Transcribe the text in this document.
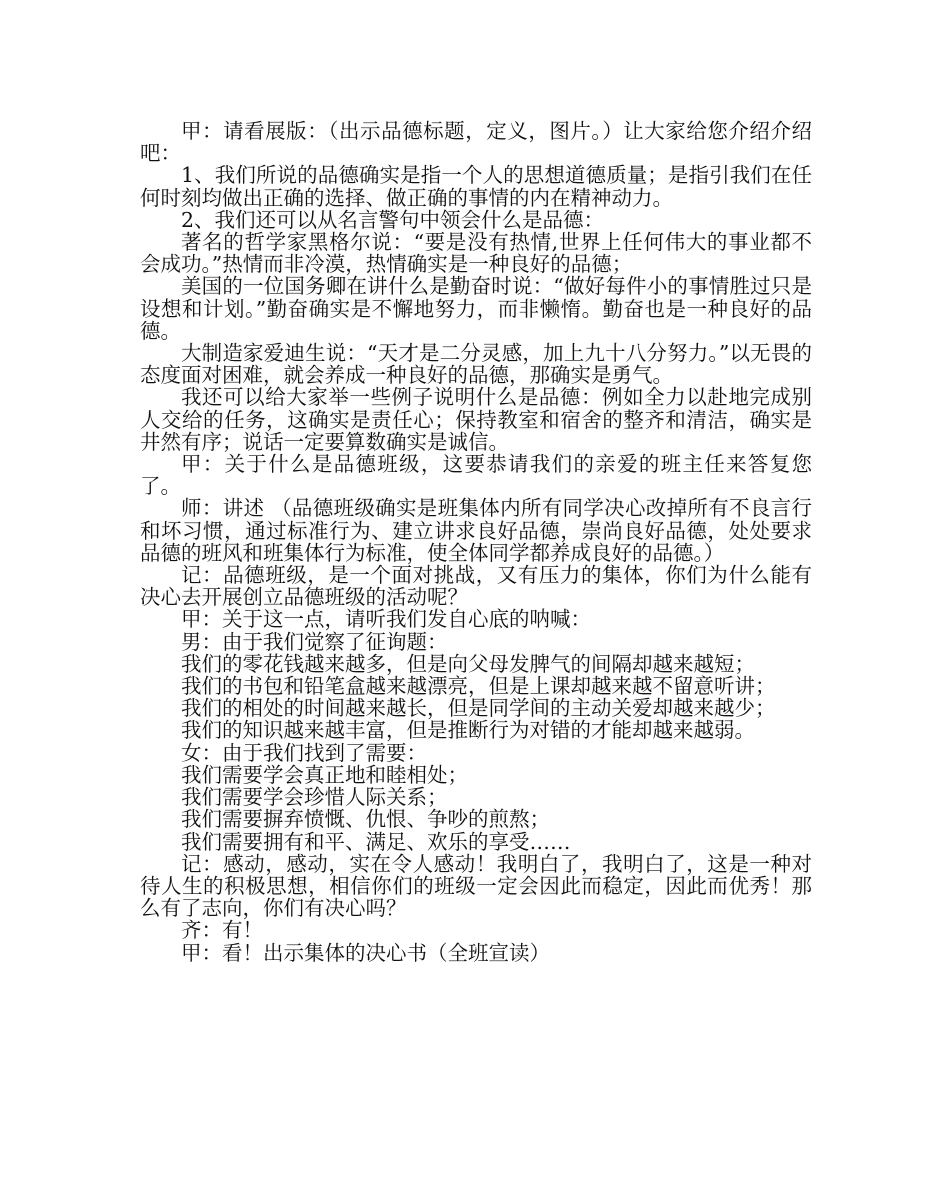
甲：请看展版：（出示品德标题，定义，图片。）让大家给您介绍介绍吧：

1、我们所说的品德确实是指一个人的思想道德质量；是指引我们在任何时刻均做出正确的选择、做正确的事情的内在精神动力。

2、我们还可以从名言警句中领会什么是品德：

著名的哲学家黑格尔说：“要是没有热情,世界上任何伟大的事业都不会成功。”热情而非冷漠，热情确实是一种良好的品德；

美国的一位国务卿在讲什么是勤奋时说：“做好每件小的事情胜过只是设想和计划。”勤奋确实是不懈地努力，而非懒惰。勤奋也是一种良好的品德。

大制造家爱迪生说：“天才是二分灵感，加上九十八分努力。”以无畏的态度面对困难，就会养成一种良好的品德，那确实是勇气。

我还可以给大家举一些例子说明什么是品德：例如全力以赴地完成别人交给的任务，这确实是责任心；保持教室和宿舍的整齐和清洁，确实是井然有序；说话一定要算数确实是诚信。

甲：关于什么是品德班级，这要恭请我们的亲爱的班主任来答复您了。

师：讲述 （品德班级确实是班集体内所有同学决心改掉所有不良言行和坏习惯，通过标准行为、建立讲求良好品德，崇尚良好品德，处处要求品德的班风和班集体行为标准，使全体同学都养成良好的品德。）

记：品德班级，是一个面对挑战，又有压力的集体，你们为什么能有决心去开展创立品德班级的活动呢？

甲：关于这一点，请听我们发自心底的呐喊：

男：由于我们觉察了征询题：

我们的零花钱越来越多，但是向父母发脾气的间隔却越来越短；

我们的书包和铅笔盒越来越漂亮，但是上课却越来越不留意听讲；

我们的相处的时间越来越长，但是同学间的主动关爱却越来越少；

我们的知识越来越丰富，但是推断行为对错的才能却越来越弱。

女：由于我们找到了需要：

我们需要学会真正地和睦相处；

我们需要学会珍惜人际关系；

我们需要摒弃愤慨、仇恨、争吵的煎熬；

我们需要拥有和平、满足、欢乐的享受……

记：感动，感动，实在令人感动！我明白了，我明白了，这是一种对待人生的积极思想，相信你们的班级一定会因此而稳定，因此而优秀！那么有了志向，你们有决心吗？

齐：有！

甲：看！出示集体的决心书（全班宣读）
